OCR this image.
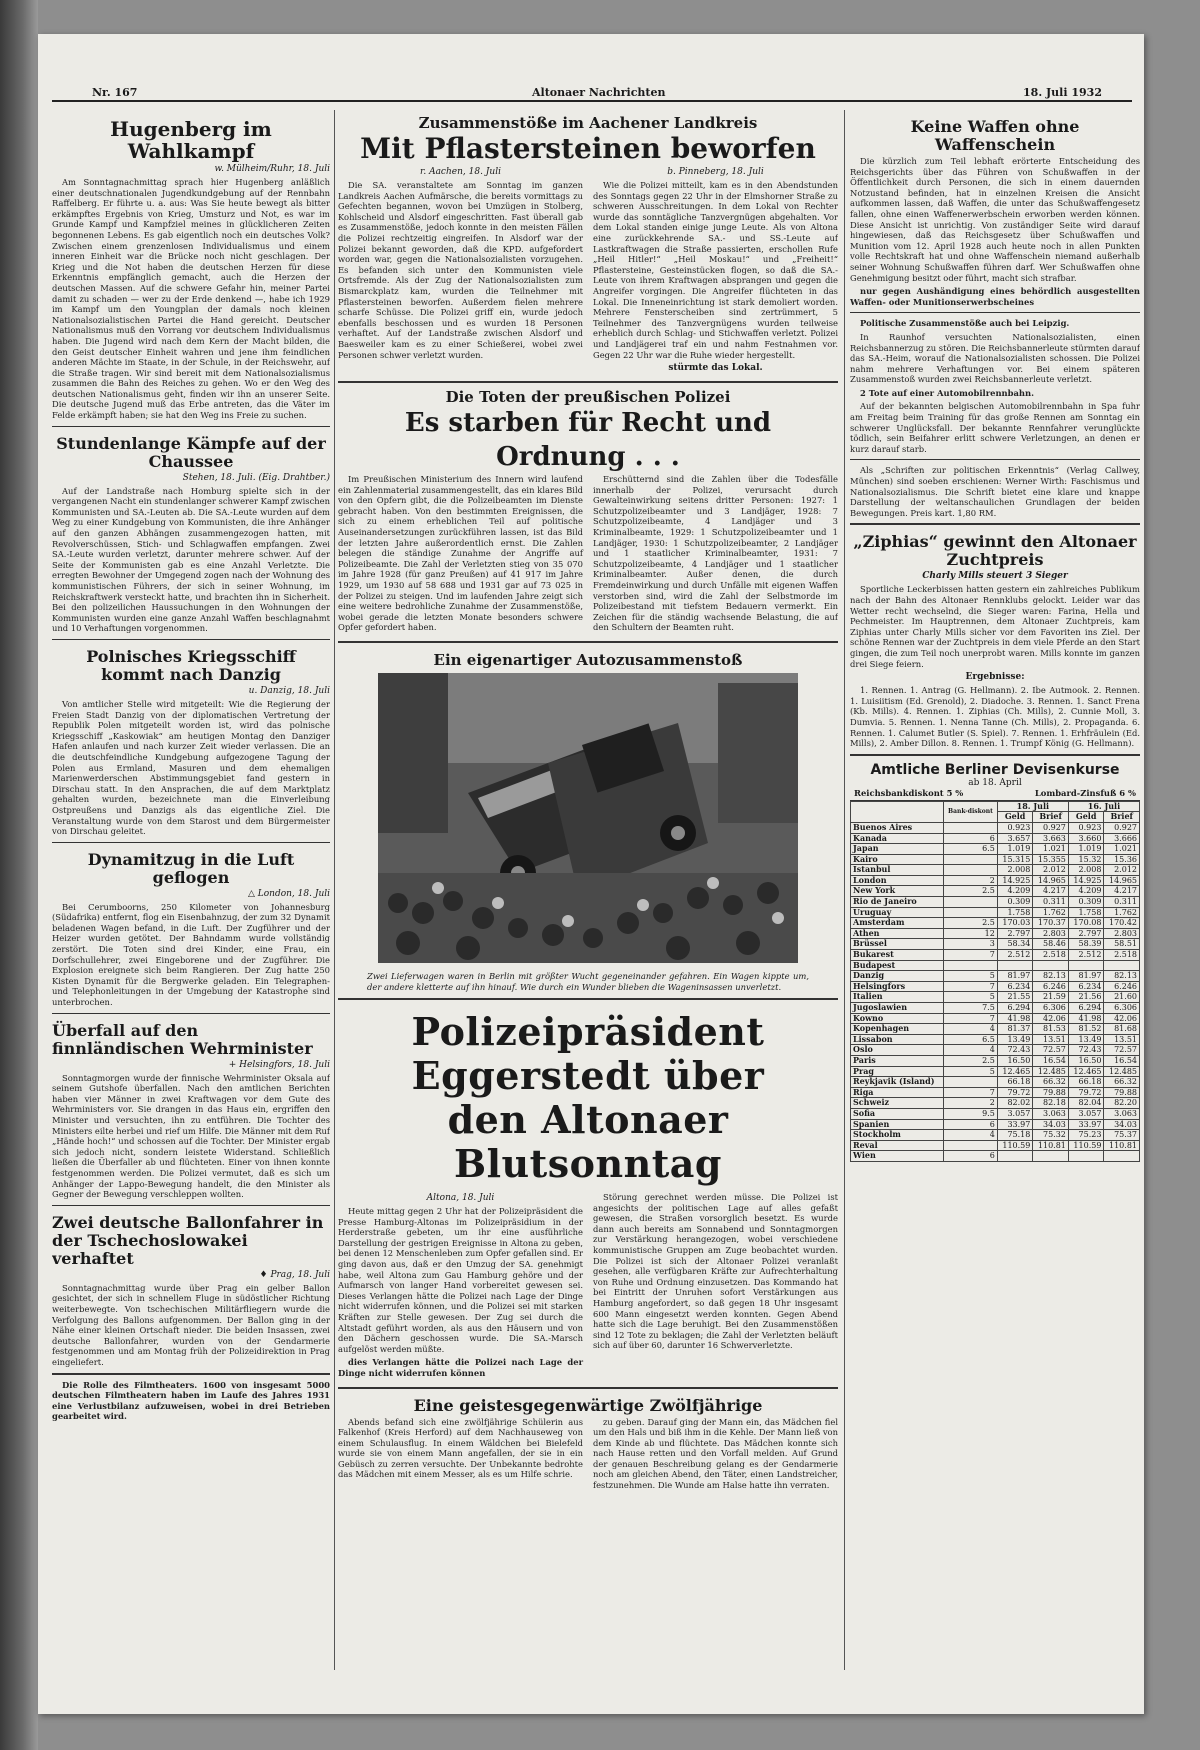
Nr. 167	Altonaer Nachrichten	18. Juli 1932
Hugenberg im Wahlkampf
w. Mülheim/Ruhr, 18. Juli
Am Sonntagnachmittag sprach hier Hugenberg anläßlich einer deutschnationalen Jugendkundgebung auf der Rennbahn Raffelberg. Er führte u. a. aus: Was Sie heute bewegt als bitter erkämpftes Ergebnis von Krieg, Umsturz und Not, es war im Grunde Kampf und Kampfziel meines in glücklicheren Zeiten begonnenen Lebens. Es gab eigentlich noch ein deutsches Volk? Zwischen einem grenzenlosen Individualismus und einem inneren Einheit war die Brücke noch nicht geschlagen. Der Krieg und die Not haben die deutschen Herzen für diese Erkenntnis empfänglich gemacht, auch die Herzen der deutschen Massen. Auf die schwere Gefahr hin, meiner Partei damit zu schaden — wer zu der Erde denkend —, habe ich 1929 im Kampf um den Youngplan der damals noch kleinen Nationalsozialistischen Partei die Hand gereicht. Deutscher Nationalismus muß den Vorrang vor deutschem Individualismus haben. Die Jugend wird nach dem Kern der Macht bilden, die den Geist deutscher Einheit wahren und jene ihm feindlichen anderen Mächte im Staate, in der Schule, in der Reichswehr, auf die Straße tragen. Wir sind bereit mit dem Nationalsozialismus zusammen die Bahn des Reiches zu gehen. Wo er den Weg des deutschen Nationalismus geht, finden wir ihn an unserer Seite. Die deutsche Jugend muß das Erbe antreten, das die Väter im Felde erkämpft haben; sie hat den Weg ins Freie zu suchen.
Stundenlange Kämpfe auf der Chaussee
Stehen, 18. Juli. (Eig. Drahtber.)
Auf der Landstraße nach Homburg spielte sich in der vergangenen Nacht ein stundenlanger schwerer Kampf zwischen Kommunisten und SA.-Leuten ab. Die SA.-Leute wurden auf dem Weg zu einer Kundgebung von Kommunisten, die ihre Anhänger auf den ganzen Abhängen zusammengezogen hatten, mit Revolverschüssen, Stich- und Schlagwaffen empfangen. Zwei SA.-Leute wurden verletzt, darunter mehrere schwer. Auf der Seite der Kommunisten gab es eine Anzahl Verletzte. Die erregten Bewohner der Umgegend zogen nach der Wohnung des kommunistischen Führers, der sich in seiner Wohnung, im Reichskraftwerk versteckt hatte, und brachten ihn in Sicherheit. Bei den polizeilichen Haussuchungen in den Wohnungen der Kommunisten wurden eine ganze Anzahl Waffen beschlagnahmt und 10 Verhaftungen vorgenommen.
Polnisches Kriegsschiff kommt nach Danzig
u. Danzig, 18. Juli
Von amtlicher Stelle wird mitgeteilt: Wie die Regierung der Freien Stadt Danzig von der diplomatischen Vertretung der Republik Polen mitgeteilt worden ist, wird das polnische Kriegsschiff „Kaskowiak“ am heutigen Montag den Danziger Hafen anlaufen und nach kurzer Zeit wieder verlassen. Die an die deutschfeindliche Kundgebung aufgezogene Tagung der Polen aus Ermland, Masuren und dem ehemaligen Marienwerderschen Abstimmungsgebiet fand gestern in Dirschau statt. In den Ansprachen, die auf dem Marktplatz gehalten wurden, bezeichnete man die Einverleibung Ostpreußens und Danzigs als das eigentliche Ziel. Die Veranstaltung wurde von dem Starost und dem Bürgermeister von Dirschau geleitet.
Dynamitzug in die Luft geflogen
△ London, 18. Juli
Bei Cerumboorns, 250 Kilometer von Johannesburg (Südafrika) entfernt, flog ein Eisenbahnzug, der zum 32 Dynamit beladenen Wagen befand, in die Luft. Der Zugführer und der Heizer wurden getötet. Der Bahndamm wurde vollständig zerstört. Die Toten sind drei Kinder, eine Frau, ein Dorfschullehrer, zwei Eingeborene und der Zugführer. Die Explosion ereignete sich beim Rangieren. Der Zug hatte 250 Kisten Dynamit für die Bergwerke geladen. Ein Telegraphen- und Telephonleitungen in der Umgebung der Katastrophe sind unterbrochen.
Überfall auf den finnländischen Wehrminister
+ Helsingfors, 18. Juli
Sonntagmorgen wurde der finnische Wehrminister Oksala auf seinem Gutshofe überfallen. Nach den amtlichen Berichten haben vier Männer in zwei Kraftwagen vor dem Gute des Wehrministers vor. Sie drangen in das Haus ein, ergriffen den Minister und versuchten, ihn zu entführen. Die Tochter des Ministers eilte herbei und rief um Hilfe. Die Männer mit dem Ruf „Hände hoch!“ und schossen auf die Tochter. Der Minister ergab sich jedoch nicht, sondern leistete Widerstand. Schließlich ließen die Überfaller ab und flüchteten. Einer von ihnen konnte festgenommen werden. Die Polizei vermutet, daß es sich um Anhänger der Lappo-Bewegung handelt, die den Minister als Gegner der Bewegung verschleppen wollten.
Zwei deutsche Ballonfahrer in der Tschechoslowakei verhaftet
♦ Prag, 18. Juli
Sonntagnachmittag wurde über Prag ein gelber Ballon gesichtet, der sich in schnellem Fluge in südöstlicher Richtung weiterbewegte. Von tschechischen Militärfliegern wurde die Verfolgung des Ballons aufgenommen. Der Ballon ging in der Nähe einer kleinen Ortschaft nieder. Die beiden Insassen, zwei deutsche Ballonfahrer, wurden von der Gendarmerie festgenommen und am Montag früh der Polizeidirektion in Prag eingeliefert.
Die Rolle des Filmtheaters. 1600 von insgesamt 5000 deutschen Filmtheatern haben im Laufe des Jahres 1931 eine Verlustbilanz aufzuweisen, wobei in drei Betrieben gearbeitet wird.
Zusammenstöße im Aachener Landkreis
Mit Pflastersteinen beworfen
r. Aachen, 18. Juli
Die SA. veranstaltete am Sonntag im ganzen Landkreis Aachen Aufmärsche, die bereits vormittags zu Gefechten begannen, wovon bei Umzügen in Stolberg, Kohlscheid und Alsdorf eingeschritten. Fast überall gab es Zusammenstöße, jedoch konnte in den meisten Fällen die Polizei rechtzeitig eingreifen. In Alsdorf war der Polizei bekannt geworden, daß die KPD. aufgefordert worden war, gegen die Nationalsozialisten vorzugehen. Es befanden sich unter den Kommunisten viele Ortsfremde. Als der Zug der Nationalsozialisten zum Bismarckplatz kam, wurden die Teilnehmer mit Pflastersteinen beworfen. Außerdem fielen mehrere scharfe Schüsse. Die Polizei griff ein, wurde jedoch ebenfalls beschossen und es wurden 18 Personen verhaftet. Auf der Landstraße zwischen Alsdorf und Baesweiler kam es zu einer Schießerei, wobei zwei Personen schwer verletzt wurden.
b. Pinneberg, 18. Juli
Wie die Polizei mitteilt, kam es in den Abendstunden des Sonntags gegen 22 Uhr in der Elmshorner Straße zu schweren Ausschreitungen. In dem Lokal von Rechter wurde das sonntägliche Tanzvergnügen abgehalten. Vor dem Lokal standen einige junge Leute. Als von Altona eine zurückkehrende SA.- und SS.-Leute auf Lastkraftwagen die Straße passierten, erschollen Rufe „Heil Hitler!“ „Heil Moskau!“ und „Freiheit!“ Pflastersteine, Gesteinstücken flogen, so daß die SA.-Leute von ihrem Kraftwagen absprangen und gegen die Angreifer vorgingen. Die Angreifer flüchteten in das Lokal. Die Inneneinrichtung ist stark demoliert worden. Mehrere Fensterscheiben sind zertrümmert, 5 Teilnehmer des Tanzvergnügens wurden teilweise erheblich durch Schlag- und Stichwaffen verletzt. Polizei und Landjägerei traf ein und nahm Festnahmen vor. Gegen 22 Uhr war die Ruhe wieder hergestellt.
stürmte das Lokal.
Die Toten der preußischen Polizei
Es starben für Recht und Ordnung . . .
Im Preußischen Ministerium des Innern wird laufend ein Zahlenmaterial zusammengestellt, das ein klares Bild von den Opfern gibt, die die Polizeibeamten im Dienste gebracht haben. Von den bestimmten Ereignissen, die sich zu einem erheblichen Teil auf politische Auseinandersetzungen zurückführen lassen, ist das Bild der letzten Jahre außerordentlich ernst. Die Zahlen belegen die ständige Zunahme der Angriffe auf Polizeibeamte. Die Zahl der Verletzten stieg von 35 070 im Jahre 1928 (für ganz Preußen) auf 41 917 im Jahre 1929, um 1930 auf 58 688 und 1931 gar auf 73 025 in der Polizei zu steigen. Und im laufenden Jahre zeigt sich eine weitere bedrohliche Zunahme der Zusammenstöße, wobei gerade die letzten Monate besonders schwere Opfer gefordert haben.
Erschütternd sind die Zahlen über die Todesfälle innerhalb der Polizei, verursacht durch Gewalteinwirkung seitens dritter Personen: 1927: 1 Schutzpolizeibeamter und 3 Landjäger, 1928: 7 Schutzpolizeibeamte, 4 Landjäger und 3 Kriminalbeamte, 1929: 1 Schutzpolizeibeamter und 1 Landjäger, 1930: 1 Schutzpolizeibeamter, 2 Landjäger und 1 staatlicher Kriminalbeamter, 1931: 7 Schutzpolizeibeamte, 4 Landjäger und 1 staatlicher Kriminalbeamter. Außer denen, die durch Fremdeinwirkung und durch Unfälle mit eigenen Waffen verstorben sind, wird die Zahl der Selbstmorde im Polizeibestand mit tiefstem Bedauern vermerkt. Ein Zeichen für die ständig wachsende Belastung, die auf den Schultern der Beamten ruht.
Ein eigenartiger Autozusammenstoß
Zwei Lieferwagen waren in Berlin mit größter Wucht gegeneinander gefahren. Ein Wagen kippte um, der andere kletterte auf ihn hinauf. Wie durch ein Wunder blieben die Wageninsassen unverletzt.
Polizeipräsident Eggerstedt über
den Altonaer Blutsonntag
Altona, 18. Juli
Heute mittag gegen 2 Uhr hat der Polizeipräsident die Presse Hamburg-Altonas im Polizeipräsidium in der Herderstraße gebeten, um ihr eine ausführliche Darstellung der gestrigen Ereignisse in Altona zu geben, bei denen 12 Menschenleben zum Opfer gefallen sind. Er ging davon aus, daß er den Umzug der SA. genehmigt habe, weil Altona zum Gau Hamburg gehöre und der Aufmarsch von langer Hand vorbereitet gewesen sei. Dieses Verlangen hätte die Polizei nach Lage der Dinge nicht widerrufen können, und die Polizei sei mit starken Kräften zur Stelle gewesen. Der Zug sei durch die Altstadt geführt worden, als aus den Häusern und von den Dächern geschossen wurde. Die SA.-Marsch aufgelöst werden müßte.
dies Verlangen hätte die Polizei nach Lage der Dinge nicht widerrufen können
Störung gerechnet werden müsse. Die Polizei ist angesichts der politischen Lage auf alles gefaßt gewesen, die Straßen vorsorglich besetzt. Es wurde dann auch bereits am Sonnabend und Sonntagmorgen zur Verstärkung herangezogen, wobei verschiedene kommunistische Gruppen am Zuge beobachtet wurden. Die Polizei ist sich der Altonaer Polizei veranlaßt gesehen, alle verfügbaren Kräfte zur Aufrechterhaltung von Ruhe und Ordnung einzusetzen. Das Kommando hat bei Eintritt der Unruhen sofort Verstärkungen aus Hamburg angefordert, so daß gegen 18 Uhr insgesamt 600 Mann eingesetzt werden konnten. Gegen Abend hatte sich die Lage beruhigt. Bei den Zusammenstößen sind 12 Tote zu beklagen; die Zahl der Verletzten beläuft sich auf über 60, darunter 16 Schwerverletzte.
Eine geistesgegenwärtige Zwölfjährige
Abends befand sich eine zwölfjährige Schülerin aus Falkenhof (Kreis Herford) auf dem Nachhauseweg von einem Schulausflug. In einem Wäldchen bei Bielefeld wurde sie von einem Mann angefallen, der sie in ein Gebüsch zu zerren versuchte. Der Unbekannte bedrohte das Mädchen mit einem Messer, als es um Hilfe schrie.
zu geben. Darauf ging der Mann ein, das Mädchen fiel um den Hals und biß ihm in die Kehle. Der Mann ließ von dem Kinde ab und flüchtete. Das Mädchen konnte sich nach Hause retten und den Vorfall melden. Auf Grund der genauen Beschreibung gelang es der Gendarmerie noch am gleichen Abend, den Täter, einen Landstreicher, festzunehmen. Die Wunde am Halse hatte ihn verraten.
Keine Waffen ohne Waffenschein
Die kürzlich zum Teil lebhaft erörterte Entscheidung des Reichsgerichts über das Führen von Schußwaffen in der Öffentlichkeit durch Personen, die sich in einem dauernden Notzustand befinden, hat in einzelnen Kreisen die Ansicht aufkommen lassen, daß Waffen, die unter das Schußwaffengesetz fallen, ohne einen Waffenerwerbschein erworben werden können. Diese Ansicht ist unrichtig. Von zuständiger Seite wird darauf hingewiesen, daß das Reichsgesetz über Schußwaffen und Munition vom 12. April 1928 auch heute noch in allen Punkten volle Rechtskraft hat und ohne Waffenschein niemand außerhalb seiner Wohnung Schußwaffen führen darf. Wer Schußwaffen ohne Genehmigung besitzt oder führt, macht sich strafbar.
nur gegen Aushändigung eines behördlich ausgestellten Waffen- oder Munitionserwerbscheines
Politische Zusammenstöße auch bei Leipzig.
In Raunhof versuchten Nationalsozialisten, einen Reichsbannerzug zu stören. Die Reichsbannerleute stürmten darauf das SA.-Heim, worauf die Nationalsozialisten schossen. Die Polizei nahm mehrere Verhaftungen vor. Bei einem späteren Zusammenstoß wurden zwei Reichsbannerleute verletzt.
2 Tote auf einer Automobilrennbahn.
Auf der bekannten belgischen Automobilrennbahn in Spa fuhr am Freitag beim Training für das große Rennen am Sonntag ein schwerer Unglücksfall. Der bekannte Rennfahrer verunglückte tödlich, sein Beifahrer erlitt schwere Verletzungen, an denen er kurz darauf starb.
Als „Schriften zur politischen Erkenntnis“ (Verlag Callwey, München) sind soeben erschienen: Werner Wirth: Faschismus und Nationalsozialismus. Die Schrift bietet eine klare und knappe Darstellung der weltanschaulichen Grundlagen der beiden Bewegungen. Preis kart. 1,80 RM.
„Ziphias“ gewinnt den Altonaer Zuchtpreis
Charly Mills steuert 3 Sieger
Sportliche Leckerbissen hatten gestern ein zahlreiches Publikum nach der Bahn des Altonaer Rennklubs gelockt. Leider war das Wetter recht wechselnd, die Sieger waren: Farina, Hella und Pechmeister. Im Hauptrennen, dem Altonaer Zuchtpreis, kam Ziphias unter Charly Mills sicher vor dem Favoriten ins Ziel. Der schöne Rennen war der Zuchtpreis in dem viele Pferde an den Start gingen, die zum Teil noch unerprobt waren. Mills konnte im ganzen drei Siege feiern.
Ergebnisse:
1. Rennen. 1. Antrag (G. Hellmann). 2. Ibe Autmook. 2. Rennen. 1. Luisiitism (Ed. Grenold), 2. Diadoche. 3. Rennen. 1. Sanct Frena (Kb. Mills). 4. Rennen. 1. Ziphias (Ch. Mills), 2. Cunnie Moll, 3. Dumvia. 5. Rennen. 1. Nenna Tanne (Ch. Mills), 2. Propaganda. 6. Rennen. 1. Calumet Butler (S. Spiel). 7. Rennen. 1. Erhfräulein (Ed. Mills), 2. Amber Dillon. 8. Rennen. 1. Trumpf König (G. Hellmann).
Amtliche Berliner Devisenkurse
ab 18. April
Reichsbankdiskont 5 %	Lombard-Zinsfuß 6 %
	Bank-diskont	18. Juli		16. Juli	
		Geld	Brief	Geld	Brief
Buenos Aires		0.923	0.927	0.923	0.927
Kanada	6	3.657	3.663	3.660	3.666
Japan	6.5	1.019	1.021	1.019	1.021
Kairo		15.315	15.355	15.32	15.36
Istanbul		2.008	2.012	2.008	2.012
London	2	14.925	14.965	14.925	14.965
New York	2.5	4.209	4.217	4.209	4.217
Rio de Janeiro		0.309	0.311	0.309	0.311
Uruguay		1.758	1.762	1.758	1.762
Amsterdam	2.5	170.03	170.37	170.08	170.42
Athen	12	2.797	2.803	2.797	2.803
Brüssel	3	58.34	58.46	58.39	58.51
Bukarest	7	2.512	2.518	2.512	2.518
Budapest					
Danzig	5	81.97	82.13	81.97	82.13
Helsingfors	7	6.234	6.246	6.234	6.246
Italien	5	21.55	21.59	21.56	21.60
Jugoslawien	7.5	6.294	6.306	6.294	6.306
Kowno	7	41.98	42.06	41.98	42.06
Kopenhagen	4	81.37	81.53	81.52	81.68
Lissabon	6.5	13.49	13.51	13.49	13.51
Oslo	4	72.43	72.57	72.43	72.57
Paris	2.5	16.50	16.54	16.50	16.54
Prag	5	12.465	12.485	12.465	12.485
Reykjavik (Island)		66.18	66.32	66.18	66.32
Riga	7	79.72	79.88	79.72	79.88
Schweiz	2	82.02	82.18	82.04	82.20
Sofia	9.5	3.057	3.063	3.057	3.063
Spanien	6	33.97	34.03	33.97	34.03
Stockholm	4	75.18	75.32	75.23	75.37
Reval		110.59	110.81	110.59	110.81
Wien	6				
